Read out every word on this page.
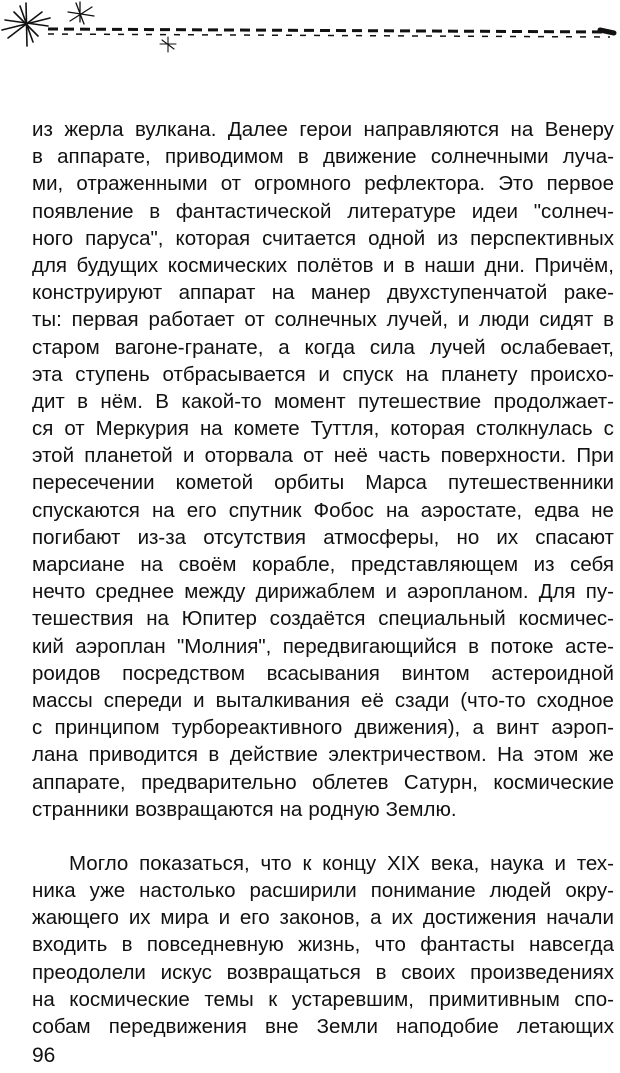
из жерла вулкана. Далее герои направляются на Венеру
в аппарате, приводимом в движение солнечными луча-
ми, отраженными от огромного рефлектора. Это первое
появление в фантастической литературе идеи "солнеч-
ного паруса", которая считается одной из перспективных
для будущих космических полётов и в наши дни. Причём,
конструируют аппарат на манер двухступенчатой раке-
ты: первая работает от солнечных лучей, и люди сидят в
старом вагоне-гранате, а когда сила лучей ослабевает,
эта ступень отбрасывается и спуск на планету происхо-
дит в нём. В какой-то момент путешествие продолжает-
ся от Меркурия на комете Туттля, которая столкнулась с
этой планетой и оторвала от неё часть поверхности. При
пересечении кометой орбиты Марса путешественники
спускаются на его спутник Фобос на аэростате, едва не
погибают из-за отсутствия атмосферы, но их спасают
марсиане на своём корабле, представляющем из себя
нечто среднее между дирижаблем и аэропланом. Для пу-
тешествия на Юпитер создаётся специальный космичес-
кий аэроплан "Молния", передвигающийся в потоке асте-
роидов посредством всасывания винтом астероидной
массы спереди и выталкивания её сзади (что-то сходное
с принципом турбореактивного движения), а винт аэроп-
лана приводится в действие электричеством. На этом же
аппарате, предварительно облетев Сатурн, космические
странники возвращаются на родную Землю.
Могло показаться, что к концу XIX века, наука и тех-
ника уже настолько расширили понимание людей окру-
жающего их мира и его законов, а их достижения начали
входить в повседневную жизнь, что фантасты навсегда
преодолели искус возвращаться в своих произведениях
на космические темы к устаревшим, примитивным спо-
собам передвижения вне Земли наподобие летающих
96
